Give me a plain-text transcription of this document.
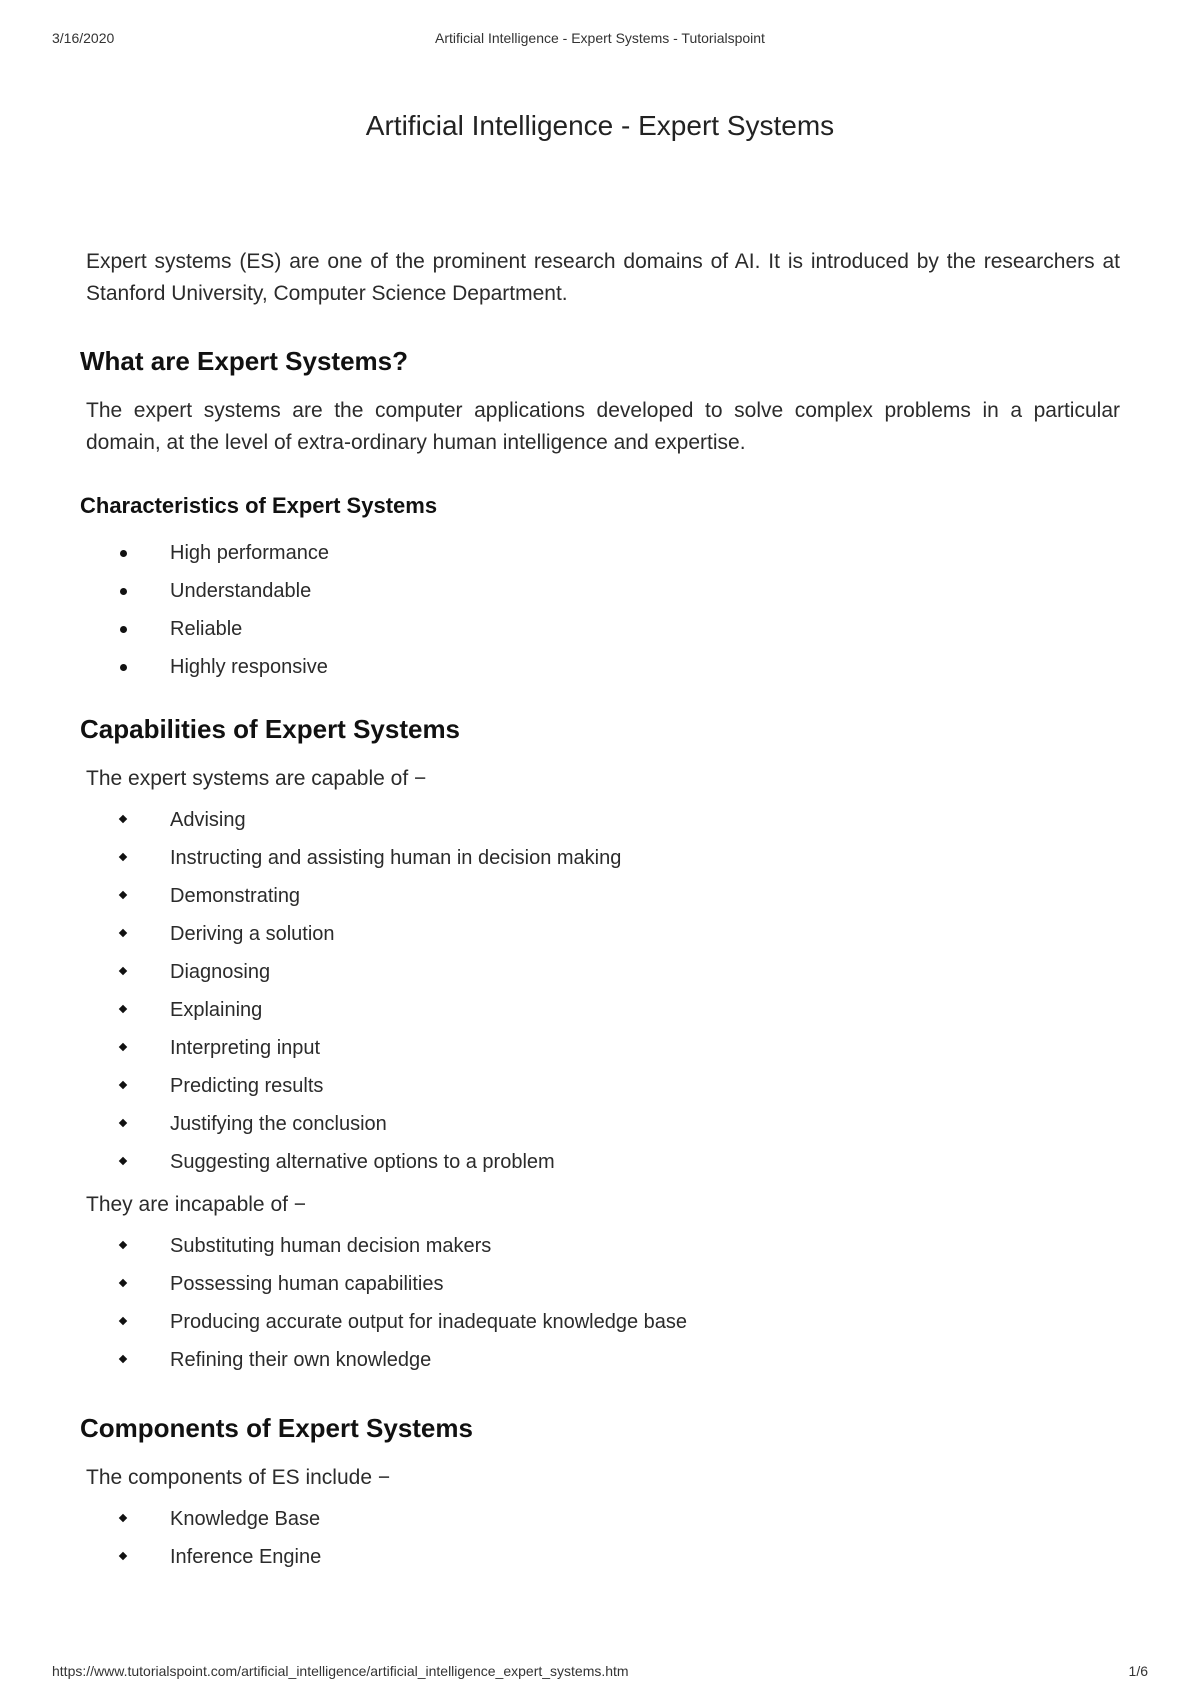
3/16/2020	Artificial Intelligence - Expert Systems - Tutorialspoint
Artificial Intelligence - Expert Systems

Expert systems (ES) are one of the prominent research domains of AI. It is introduced by the researchers at Stanford University, Computer Science Department.

What are Expert Systems?

The expert systems are the computer applications developed to solve complex problems in a particular domain, at the level of extra-ordinary human intelligence and expertise.

Characteristics of Expert Systems
High performance
Understandable
Reliable
Highly responsive
Capabilities of Expert Systems

The expert systems are capable of −

Advising
Instructing and assisting human in decision making
Demonstrating
Deriving a solution
Diagnosing
Explaining
Interpreting input
Predicting results
Justifying the conclusion
Suggesting alternative options to a problem

They are incapable of −

Substituting human decision makers
Possessing human capabilities
Producing accurate output for inadequate knowledge base
Refining their own knowledge
Components of Expert Systems

The components of ES include −

Knowledge Base
Inference Engine
https://www.tutorialspoint.com/artificial_intelligence/artificial_intelligence_expert_systems.htm	1/6
